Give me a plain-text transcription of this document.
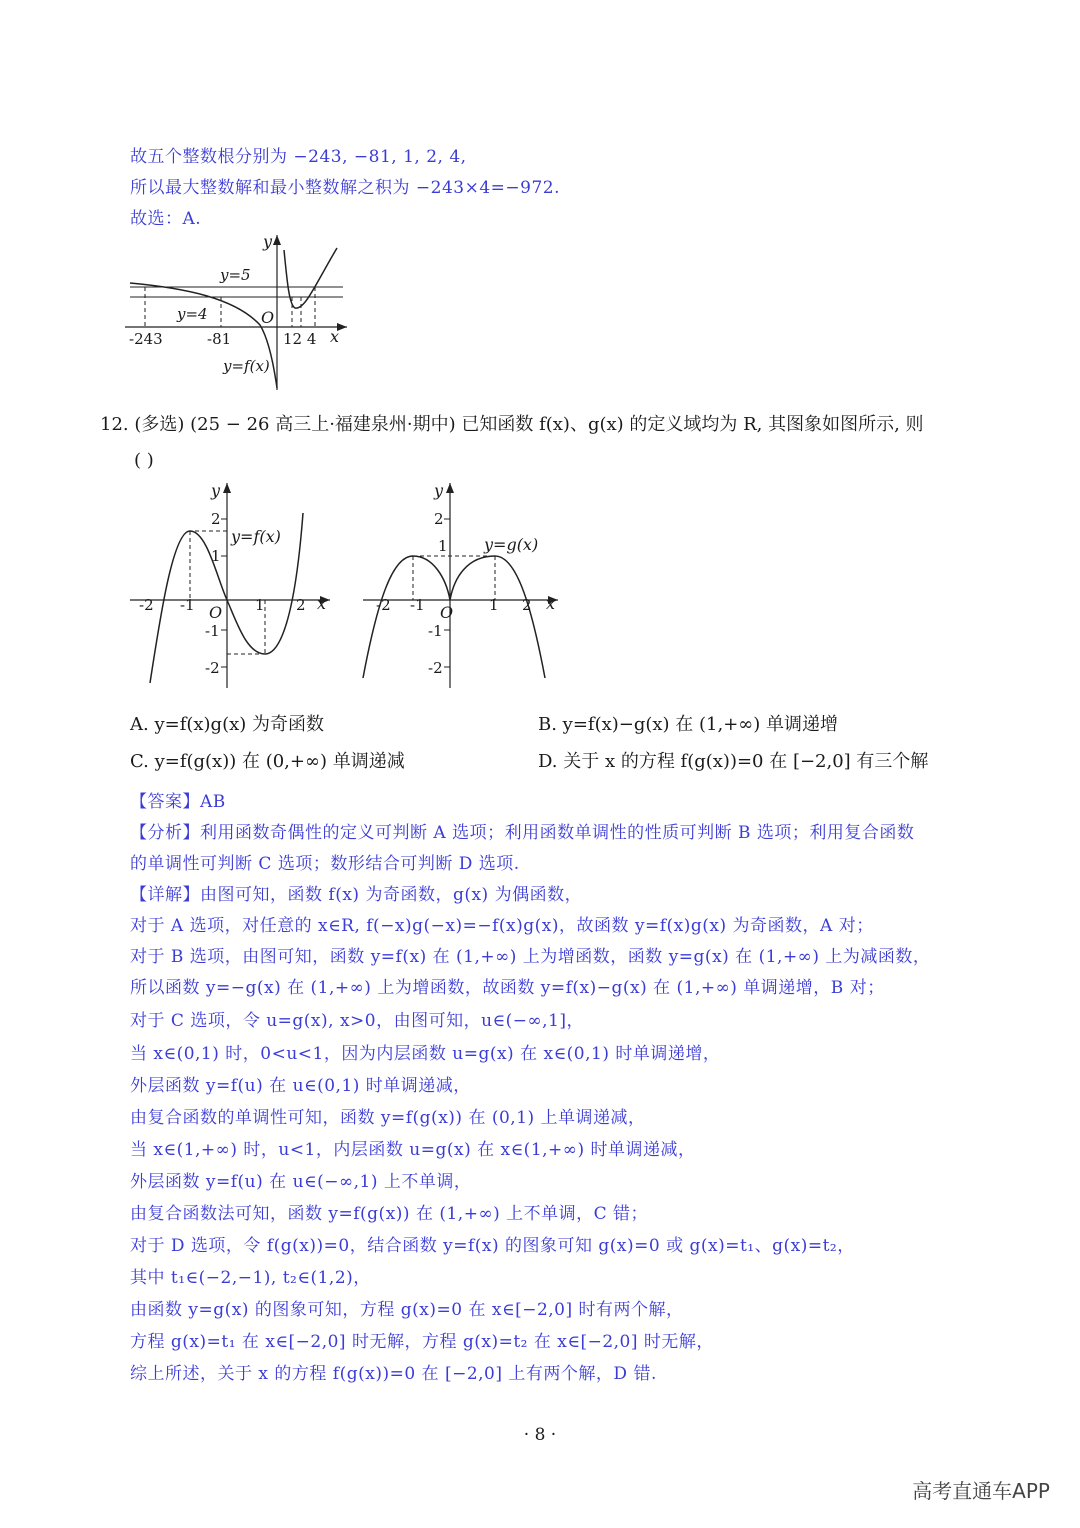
故五个整数根分别为 −243, −81, 1, 2, 4,
所以最大整数解和最小整数解之积为 −243×4=−972.
故选：A.
y
x
O
y=5
y=4
-243	-81	12 4
y=f(x)
12. (多选) (25 − 26 高三上·福建泉州·期中) 已知函数 f(x)、g(x) 的定义域均为 R, 其图象如图所示, 则
( )
y
x
O
y=f(x)
-2 -1	1 2
2
1
-1
-2
y
x
O
y=g(x)
-2 -1	1 2
2
1
-1
-2
A. y=f(x)g(x) 为奇函数	B. y=f(x)−g(x) 在 (1,+∞) 单调递增
C. y=f(g(x)) 在 (0,+∞) 单调递减	D. 关于 x 的方程 f(g(x))=0 在 [−2,0] 有三个解
【答案】AB
【分析】利用函数奇偶性的定义可判断 A 选项；利用函数单调性的性质可判断 B 选项；利用复合函数
的单调性可判断 C 选项；数形结合可判断 D 选项.
【详解】由图可知，函数 f(x) 为奇函数，g(x) 为偶函数，
对于 A 选项，对任意的 x∈R, f(−x)g(−x)=−f(x)g(x)，故函数 y=f(x)g(x) 为奇函数，A 对；
对于 B 选项，由图可知，函数 y=f(x) 在 (1,+∞) 上为增函数，函数 y=g(x) 在 (1,+∞) 上为减函数，
所以函数 y=−g(x) 在 (1,+∞) 上为增函数，故函数 y=f(x)−g(x) 在 (1,+∞) 单调递增，B 对；
对于 C 选项，令 u=g(x), x>0，由图可知，u∈(−∞,1]，
当 x∈(0,1) 时，0<u<1，因为内层函数 u=g(x) 在 x∈(0,1) 时单调递增，
外层函数 y=f(u) 在 u∈(0,1) 时单调递减，
由复合函数的单调性可知，函数 y=f(g(x)) 在 (0,1) 上单调递减，
当 x∈(1,+∞) 时，u<1，内层函数 u=g(x) 在 x∈(1,+∞) 时单调递减，
外层函数 y=f(u) 在 u∈(−∞,1) 上不单调，
由复合函数法可知，函数 y=f(g(x)) 在 (1,+∞) 上不单调，C 错；
对于 D 选项，令 f(g(x))=0，结合函数 y=f(x) 的图象可知 g(x)=0 或 g(x)=t₁、g(x)=t₂，
其中 t₁∈(−2,−1), t₂∈(1,2)，
由函数 y=g(x) 的图象可知，方程 g(x)=0 在 x∈[−2,0] 时有两个解，
方程 g(x)=t₁ 在 x∈[−2,0] 时无解，方程 g(x)=t₂ 在 x∈[−2,0] 时无解，
综上所述，关于 x 的方程 f(g(x))=0 在 [−2,0] 上有两个解，D 错.
· 8 ·
高考直通车APP
